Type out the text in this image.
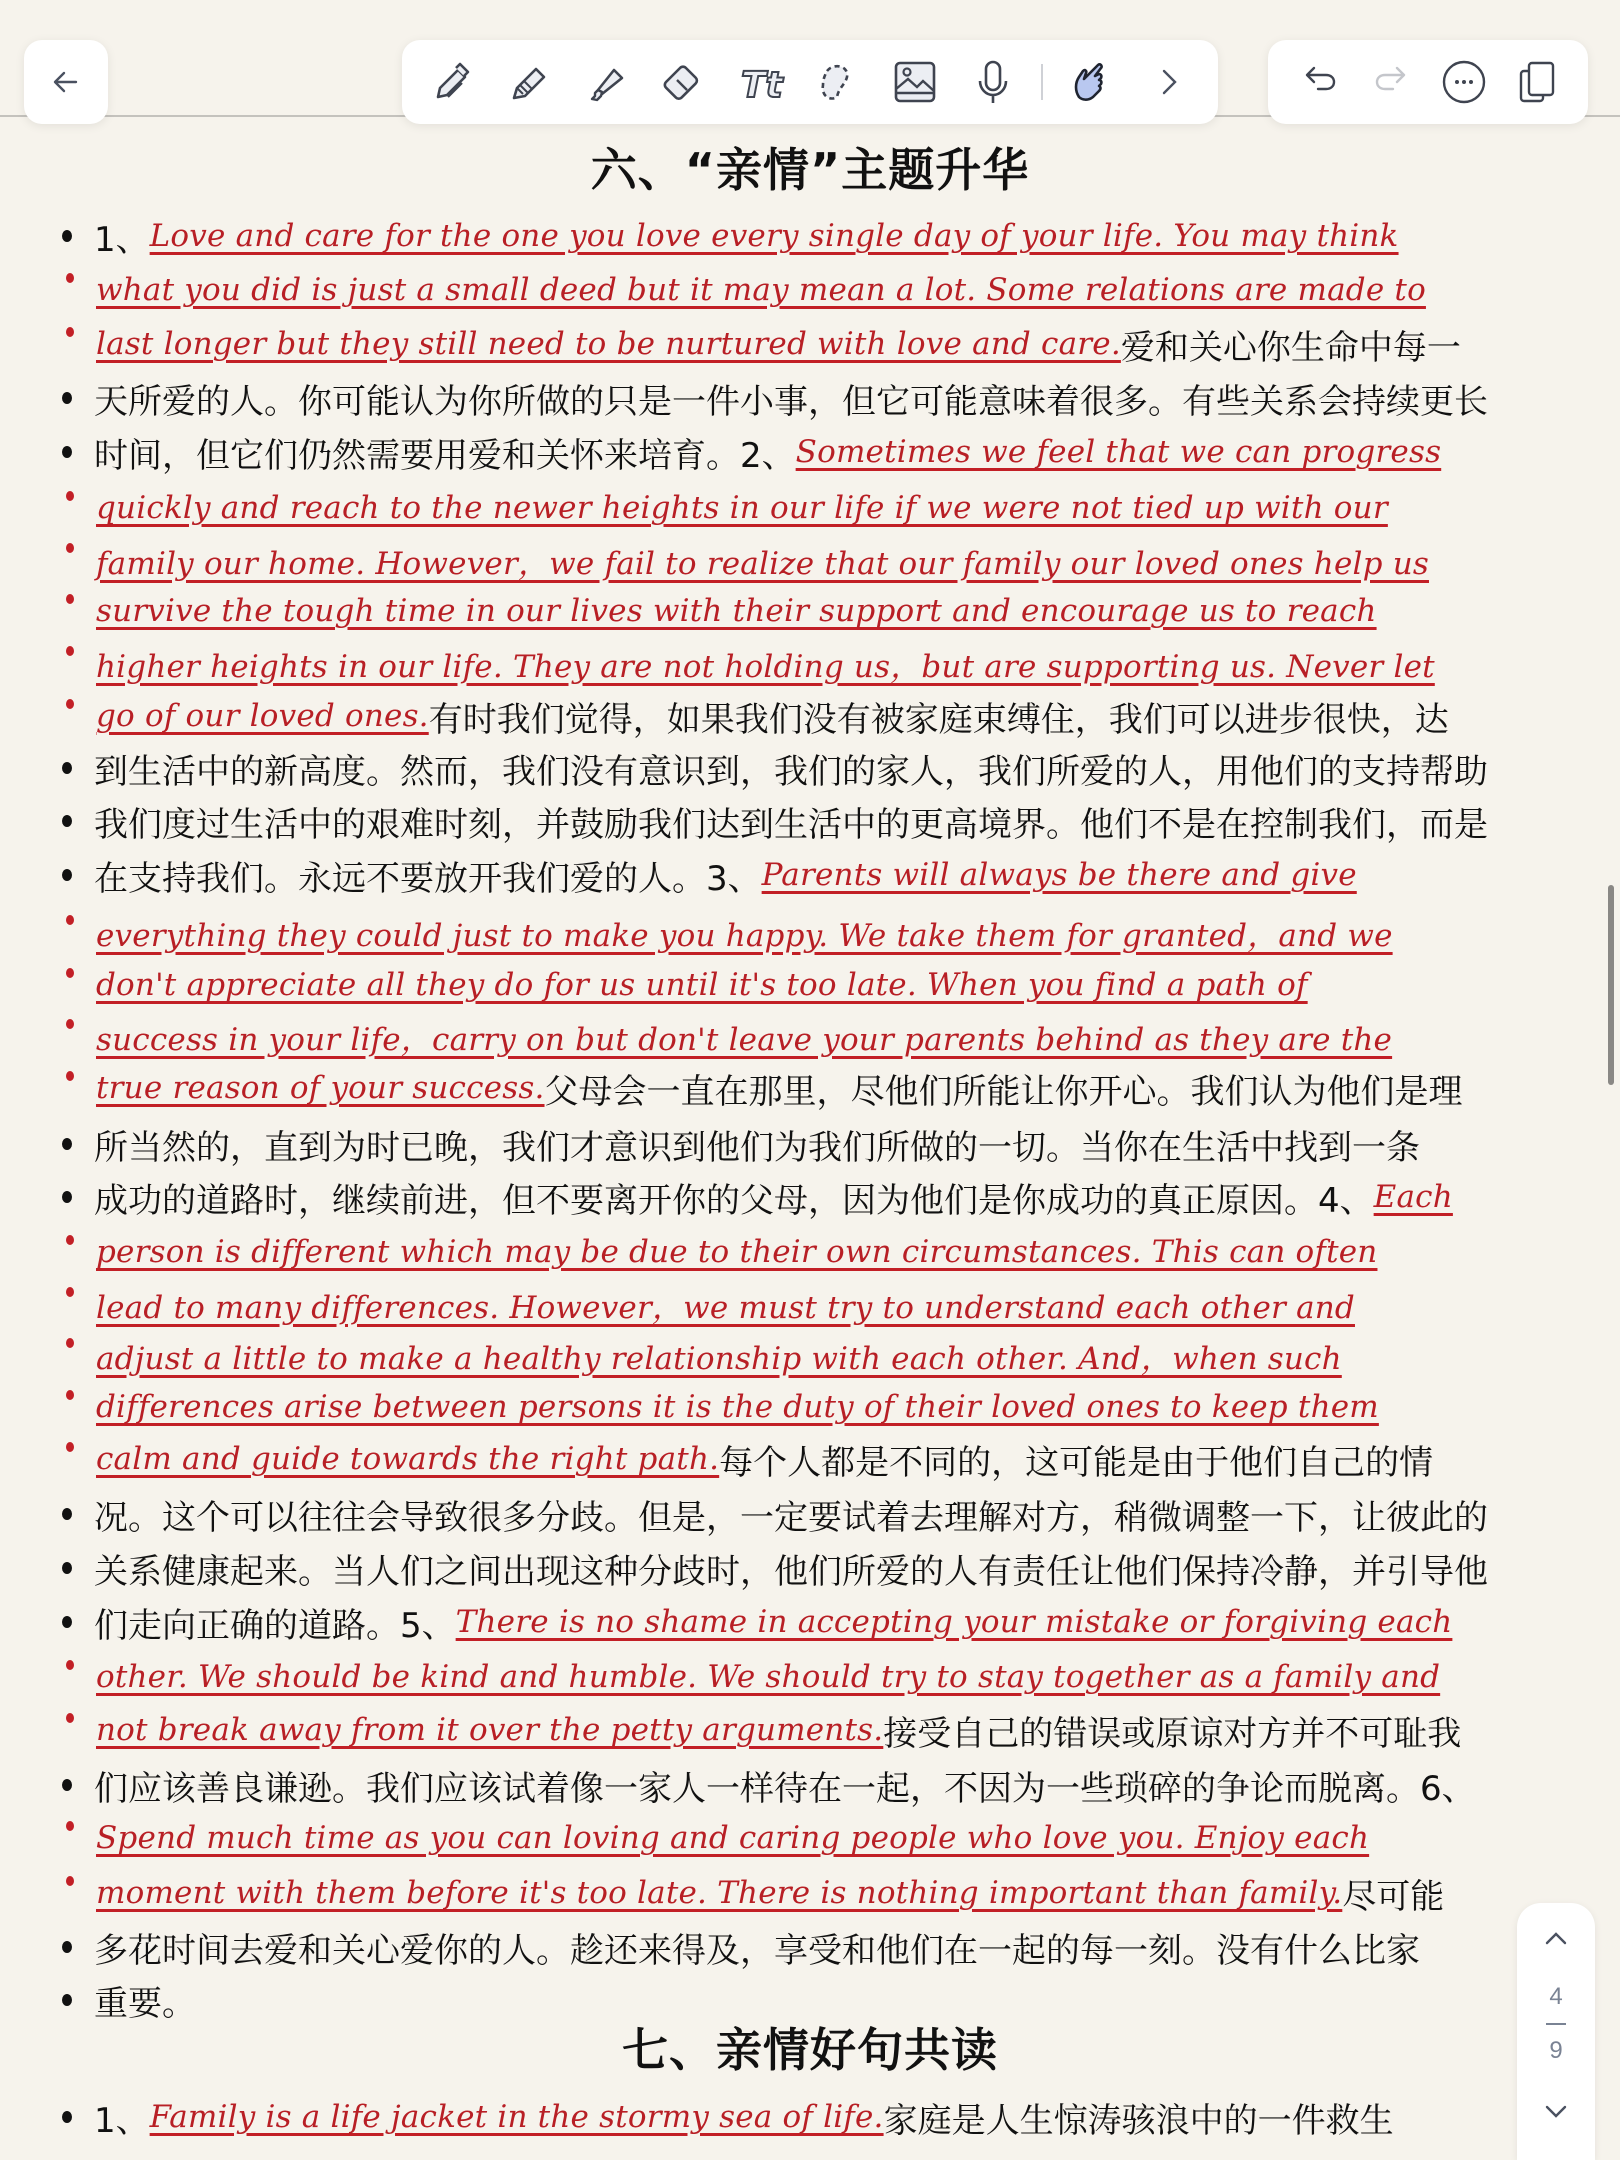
Tt
六、“亲情”主题升华
1、 Love and care for the one you love every single day of your life. You may think
what you did is just a small deed but it may mean a lot. Some relations are made to
last longer but they still need to be nurtured with love and care. 爱和关心你生命中每一
天所爱的人。你可能认为你所做的只是一件小事，但它可能意味着很多。有些关系会持续更长
时间，但它们仍然需要用爱和关怀来培育。2、 Sometimes we feel that we can progress
quickly and reach to the newer heights in our life if we were not tied up with our
family our home. However，we fail to realize that our family our loved ones help us
survive the tough time in our lives with their support and encourage us to reach
higher heights in our life. They are not holding us，but are supporting us. Never let
go of our loved ones. 有时我们觉得，如果我们没有被家庭束缚住，我们可以进步很快，达
到生活中的新高度。然而，我们没有意识到，我们的家人，我们所爱的人，用他们的支持帮助
我们度过生活中的艰难时刻，并鼓励我们达到生活中的更高境界。他们不是在控制我们，而是
在支持我们。永远不要放开我们爱的人。3、 Parents will always be there and give
everything they could just to make you happy. We take them for granted，and we
don't appreciate all they do for us until it's too late. When you find a path of
success in your life，carry on but don't leave your parents behind as they are the
true reason of your success. 父母会一直在那里，尽他们所能让你开心。我们认为他们是理
所当然的，直到为时已晚，我们才意识到他们为我们所做的一切。当你在生活中找到一条
成功的道路时，继续前进，但不要离开你的父母，因为他们是你成功的真正原因。4、 Each
person is different which may be due to their own circumstances. This can often
lead to many differences. However，we must try to understand each other and
adjust a little to make a healthy relationship with each other. And，when such
differences arise between persons it is the duty of their loved ones to keep them
calm and guide towards the right path. 每个人都是不同的，这可能是由于他们自己的情
况。这个可以往往会导致很多分歧。但是，一定要试着去理解对方，稍微调整一下，让彼此的
关系健康起来。当人们之间出现这种分歧时，他们所爱的人有责任让他们保持冷静，并引导他
们走向正确的道路。5、 There is no shame in accepting your mistake or forgiving each
other. We should be kind and humble. We should try to stay together as a family and
not break away from it over the petty arguments. 接受自己的错误或原谅对方并不可耻我
们应该善良谦逊。我们应该试着像一家人一样待在一起，不因为一些琐碎的争论而脱离。6、
Spend much time as you can loving and caring people who love you. Enjoy each
moment with them before it's too late. There is nothing important than family. 尽可能
多花时间去爱和关心爱你的人。趁还来得及，享受和他们在一起的每一刻。没有什么比家
重要。
七、亲情好句共读
1、 Family is a life jacket in the stormy sea of life. 家庭是人生惊涛骇浪中的一件救生
4
9
